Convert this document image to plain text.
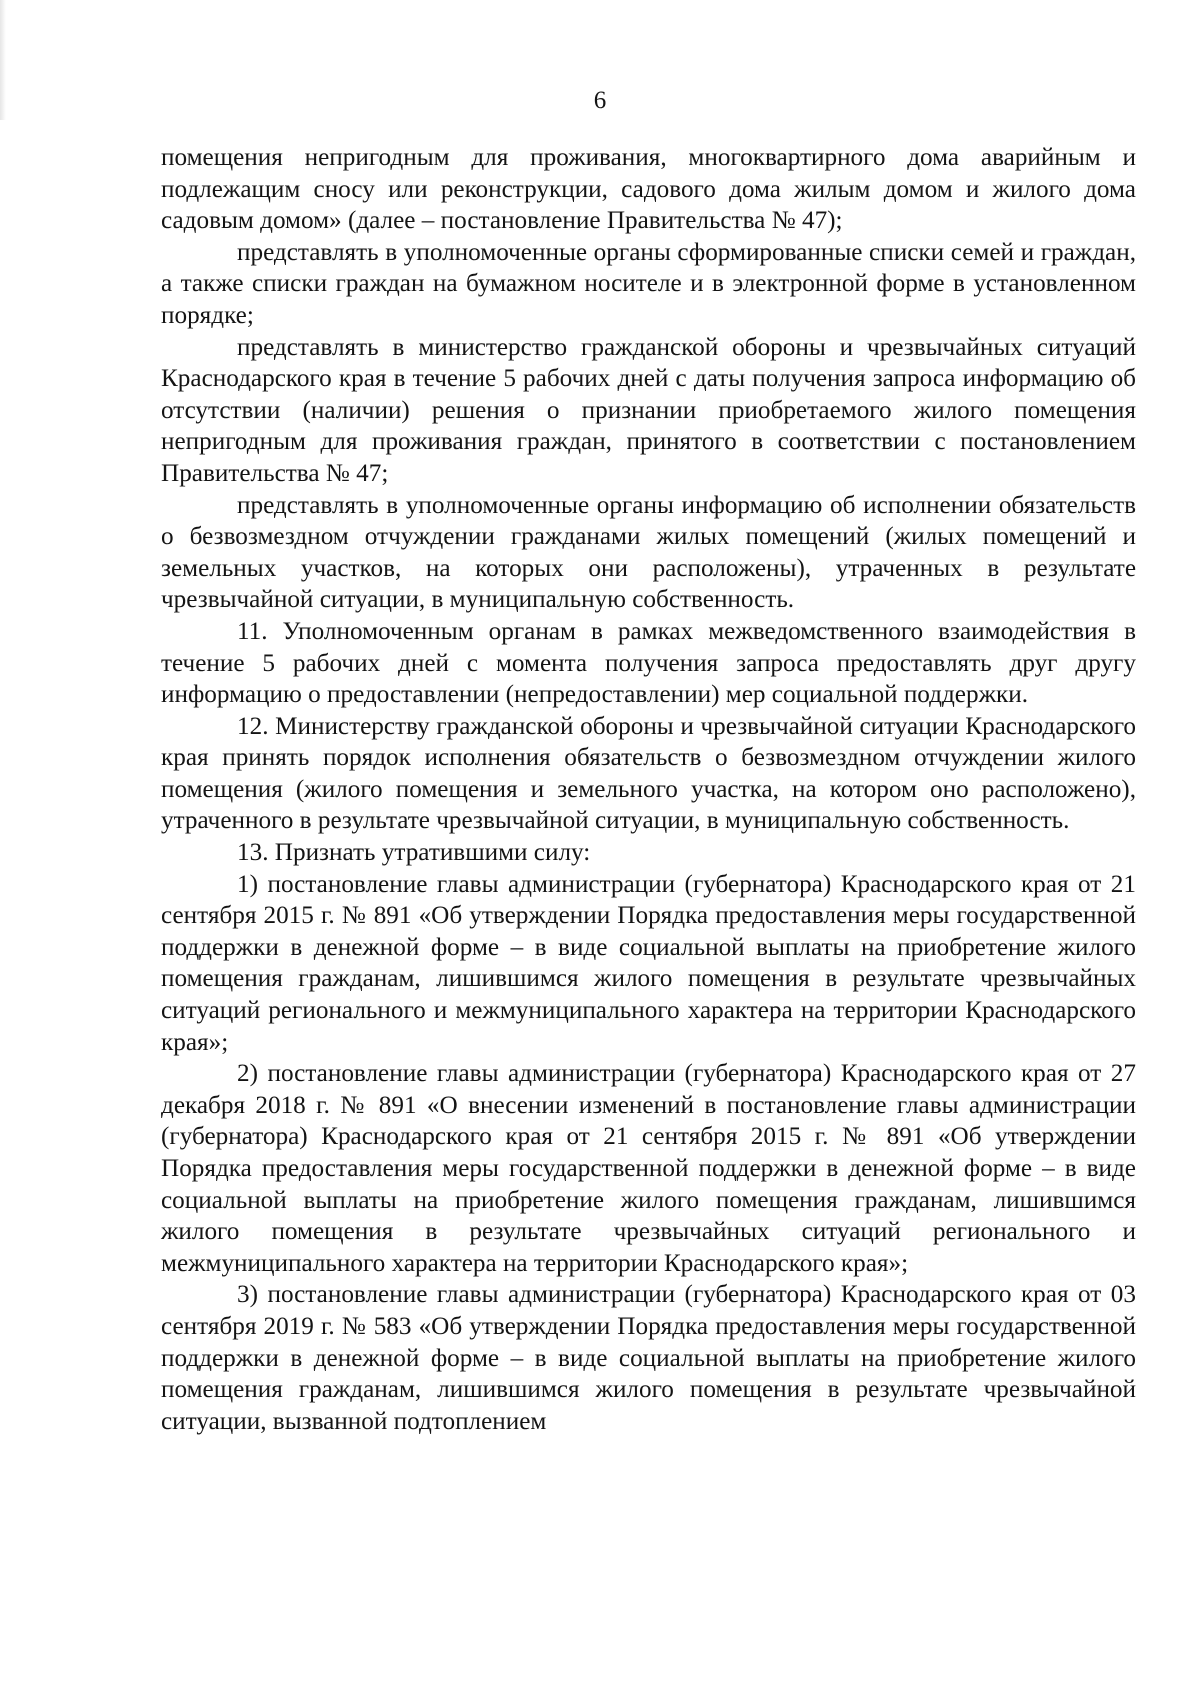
6

помещения непригодным для проживания, многоквартирного дома аварийным и подлежащим сносу или реконструкции, садового дома жилым домом и жилого дома садовым домом» (далее – постановление Правительства № 47);

представлять в уполномоченные органы сформированные списки семей и граждан, а также списки граждан на бумажном носителе и в электронной форме в установленном порядке;

представлять в министерство гражданской обороны и чрезвычайных ситуаций Краснодарского края в течение 5 рабочих дней с даты получения запроса информацию об отсутствии (наличии) решения о признании приобретаемого жилого помещения непригодным для проживания граждан, принятого в соответствии с постановлением Правительства № 47;

представлять в уполномоченные органы информацию об исполнении обязательств о безвозмездном отчуждении гражданами жилых помещений (жилых помещений и земельных участков, на которых они расположены), утраченных в результате чрезвычайной ситуации, в муниципальную собственность.

11. Уполномоченным органам в рамках межведомственного взаимодействия в течение 5 рабочих дней с момента получения запроса предоставлять друг другу информацию о предоставлении (непредоставлении) мер социальной поддержки.

12. Министерству гражданской обороны и чрезвычайной ситуации Краснодарского края принять порядок исполнения обязательств о безвозмездном отчуждении жилого помещения (жилого помещения и земельного участка, на котором оно расположено), утраченного в результате чрезвычайной ситуации, в муниципальную собственность.

13. Признать утратившими силу:

1) постановление главы администрации (губернатора) Краснодарского края от 21 сентября 2015 г. № 891 «Об утверждении Порядка предоставления меры государственной поддержки в денежной форме – в виде социальной выплаты на приобретение жилого помещения гражданам, лишившимся жилого помещения в результате чрезвычайных ситуаций регионального и межмуниципального характера на территории Краснодарского края»;

2) постановление главы администрации (губернатора) Краснодарского края от 27 декабря 2018 г. № 891 «О внесении изменений в постановление главы администрации (губернатора) Краснодарского края от 21 сентября 2015 г. № 891 «Об утверждении Порядка предоставления меры государственной поддержки в денежной форме – в виде социальной выплаты на приобретение жилого помещения гражданам, лишившимся жилого помещения в результате чрезвычайных ситуаций регионального и межмуниципального характера на территории Краснодарского края»;

3) постановление главы администрации (губернатора) Краснодарского края от 03 сентября 2019 г. № 583 «Об утверждении Порядка предоставления меры государственной поддержки в денежной форме – в виде социальной выплаты на приобретение жилого помещения гражданам, лишившимся жилого помещения в результате чрезвычайной ситуации, вызванной подтоплением
